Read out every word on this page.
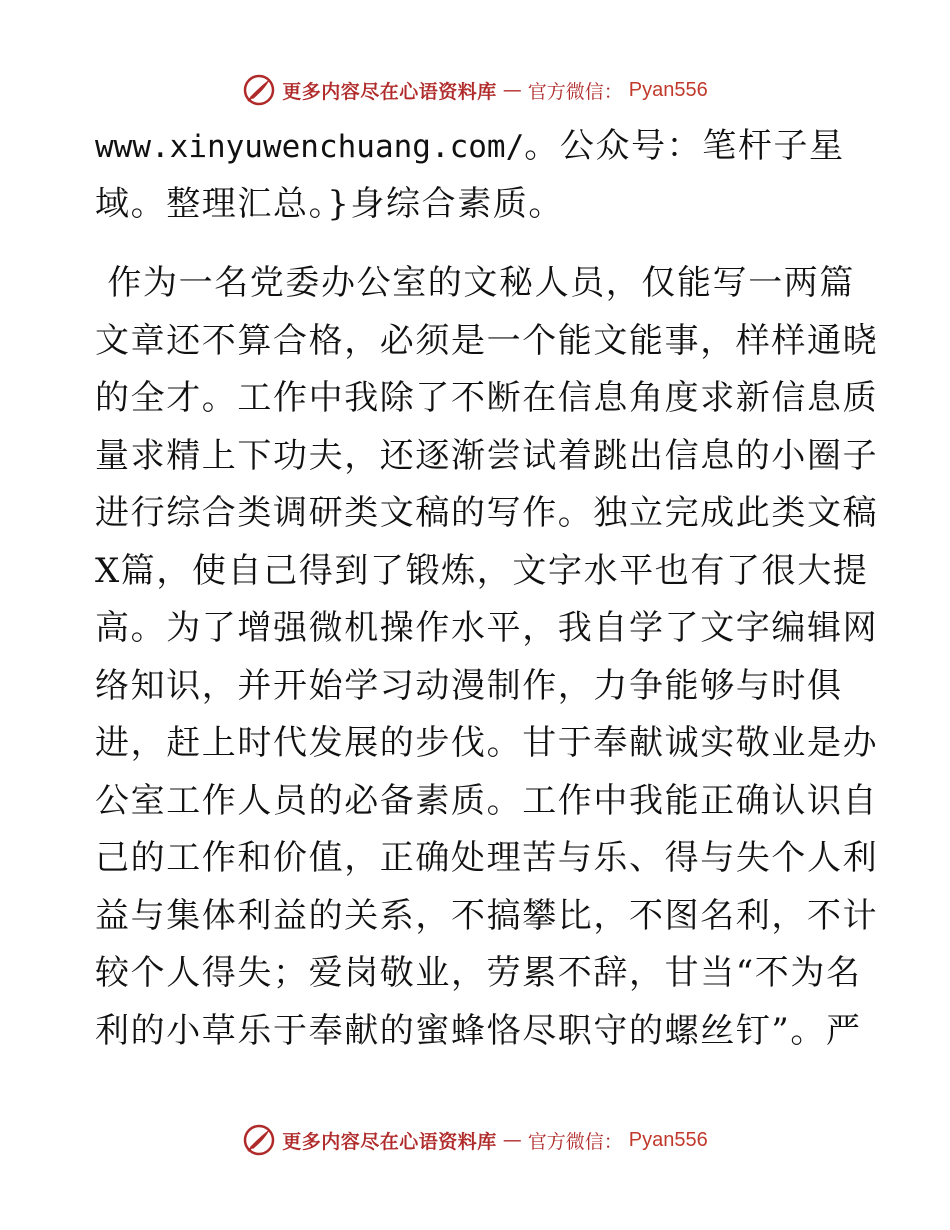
更多内容尽在心语资料库 — 官方微信： Pyan556
www.xinyuwenchuang.com/。公众号：笔杆子星
域。整理汇总。}身综合素质。
作为一名党委办公室的文秘人员，仅能写一两篇
文章还不算合格，必须是一个能文能事，样样通晓
的全才。工作中我除了不断在信息角度求新信息质
量求精上下功夫，还逐渐尝试着跳出信息的小圈子
进行综合类调研类文稿的写作。独立完成此类文稿
X篇，使自己得到了锻炼，文字水平也有了很大提
高。为了增强微机操作水平，我自学了文字编辑网
络知识，并开始学习动漫制作，力争能够与时俱
进，赶上时代发展的步伐。甘于奉献诚实敬业是办
公室工作人员的必备素质。工作中我能正确认识自
己的工作和价值，正确处理苦与乐、得与失个人利
益与集体利益的关系，不搞攀比，不图名利，不计
较个人得失；爱岗敬业，劳累不辞，甘当“不为名
利的小草乐于奉献的蜜蜂恪尽职守的螺丝钉”。严
更多内容尽在心语资料库 — 官方微信： Pyan556
